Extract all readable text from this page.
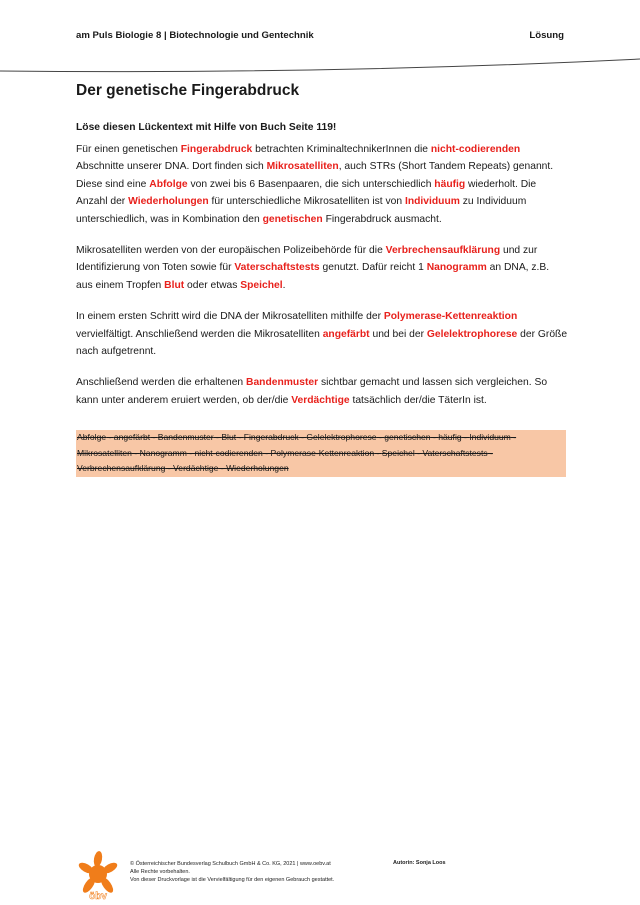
am Puls Biologie 8 | Biotechnologie und Gentechnik	Lösung
Der genetische Fingerabdruck
Löse diesen Lückentext mit Hilfe von Buch Seite 119!

Für einen genetischen Fingerabdruck betrachten KriminaltechnikerInnen die nicht-codierenden Abschnitte unserer DNA. Dort finden sich Mikrosatelliten, auch STRs (Short Tandem Repeats) genannt. Diese sind eine Abfolge von zwei bis 6 Basenpaaren, die sich unterschiedlich häufig wiederholt. Die Anzahl der Wiederholungen für unterschiedliche Mikrosatelliten ist von Individuum zu Individuum unterschiedlich, was in Kombination den genetischen Fingerabdruck ausmacht.

Mikrosatelliten werden von der europäischen Polizeibehörde für die Verbrechensaufklärung und zur Identifizierung von Toten sowie für Vaterschaftstests genutzt. Dafür reicht 1 Nanogramm an DNA, z.B. aus einem Tropfen Blut oder etwas Speichel.

In einem ersten Schritt wird die DNA der Mikrosatelliten mithilfe der Polymerase-Kettenreaktion vervielfältigt. Anschließend werden die Mikrosatelliten angefärbt und bei der Gelelektrophorese der Größe nach aufgetrennt.

Anschließend werden die erhaltenen Bandenmuster sichtbar gemacht und lassen sich vergleichen. So kann unter anderem eruiert werden, ob der/die Verdächtige tatsächlich der/die TäterIn ist.

Abfolge - angefärbt - Bandenmuster - Blut - Fingerabdruck - Gelelektrophorese - genetischen - häufig - Individuum - Mikrosatelliten - Nanogramm - nicht-codierenden - Polymerase-Kettenreaktion - Speichel - Vaterschaftstests - Verbrechensaufklärung - Verdächtige - Wiederholungen
öbv
© Österreichischer Bundesverlag Schulbuch GmbH & Co. KG, 2021 | www.oebv.at
Alle Rechte vorbehalten.
Von dieser Druckvorlage ist die Vervielfältigung für den eigenen Gebrauch gestattet.
Autorin: Sonja Loos
